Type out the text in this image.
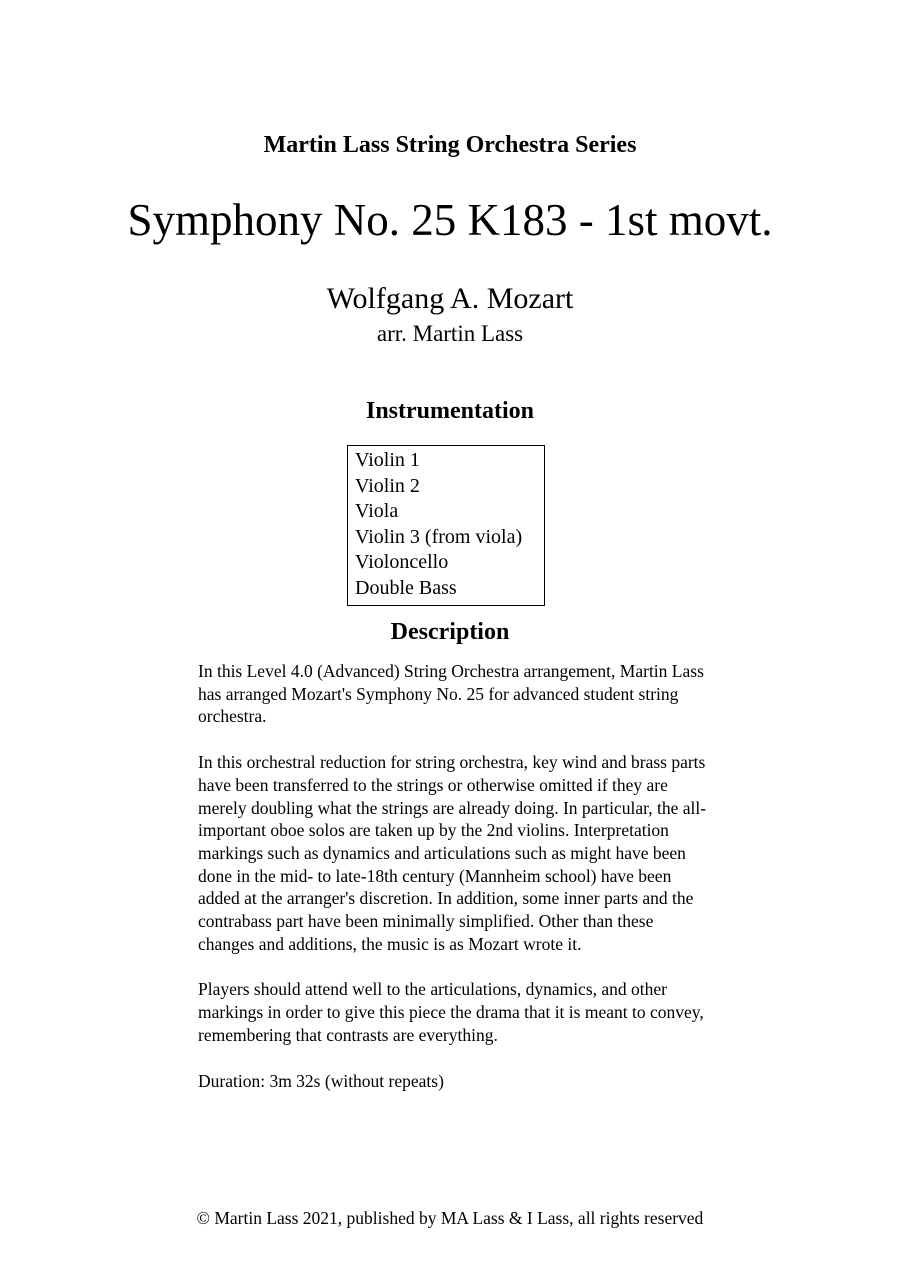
Martin Lass String Orchestra Series
Symphony No. 25 K183 - 1st movt.
Wolfgang A. Mozart
arr. Martin Lass
Instrumentation
Violin 1
Violin 2
Viola
Violin 3 (from viola)
Violoncello
Double Bass
Description

In this Level 4.0 (Advanced) String Orchestra arrangement, Martin Lass has arranged Mozart's Symphony No. 25 for advanced student string orchestra.

In this orchestral reduction for string orchestra, key wind and brass parts have been transferred to the strings or otherwise omitted if they are merely doubling what the strings are already doing. In particular, the all-important oboe solos are taken up by the 2nd violins. Interpretation markings such as dynamics and articulations such as might have been done in the mid- to late-18th century (Mannheim school) have been added at the arranger's discretion. In addition, some inner parts and the contrabass part have been minimally simplified. Other than these changes and additions, the music is as Mozart wrote it.

Players should attend well to the articulations, dynamics, and other markings in order to give this piece the drama that it is meant to convey, remembering that contrasts are everything.

Duration: 3m 32s (without repeats)

© Martin Lass 2021, published by MA Lass & I Lass, all rights reserved
